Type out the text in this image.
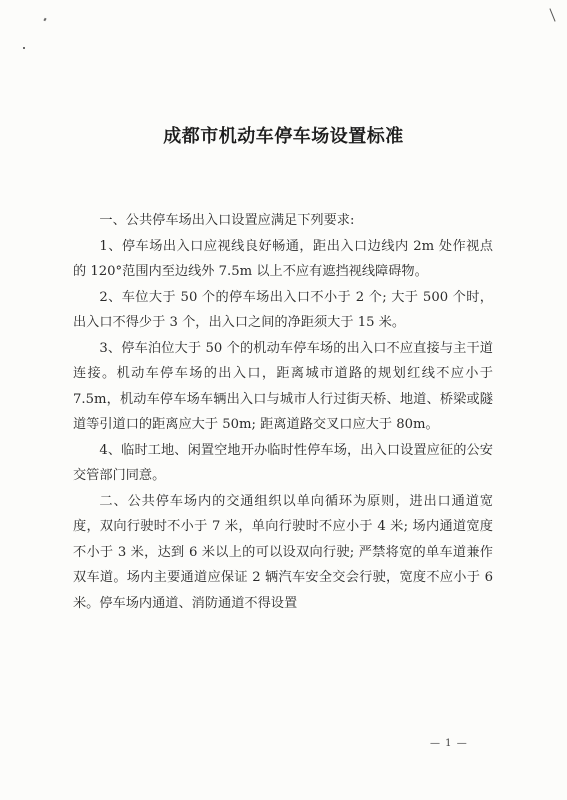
成都市机动车停车场设置标准

一、公共停车场出入口设置应满足下列要求:

1、停车场出入口应视线良好畅通，距出入口边线内 2m 处作视点的 120°范围内至边线外 7.5m 以上不应有遮挡视线障碍物。

2、车位大于 50 个的停车场出入口不小于 2 个; 大于 500 个时，出入口不得少于 3 个，出入口之间的净距须大于 15 米。

3、停车泊位大于 50 个的机动车停车场的出入口不应直接与主干道连接。机动车停车场的出入口，距离城市道路的规划红线不应小于 7.5m，机动车停车场车辆出入口与城市人行过街天桥、地道、桥梁或隧道等引道口的距离应大于 50m; 距离道路交叉口应大于 80m。

4、临时工地、闲置空地开办临时性停车场，出入口设置应征的公安交管部门同意。

二、公共停车场内的交通组织以单向循环为原则，进出口通道宽度，双向行驶时不小于 7 米，单向行驶时不应小于 4 米; 场内通道宽度不小于 3 米，达到 6 米以上的可以设双向行驶; 严禁将宽的单车道兼作双车道。场内主要通道应保证 2 辆汽车安全交会行驶，宽度不应小于 6 米。停车场内通道、消防通道不得设置

— 1 —
